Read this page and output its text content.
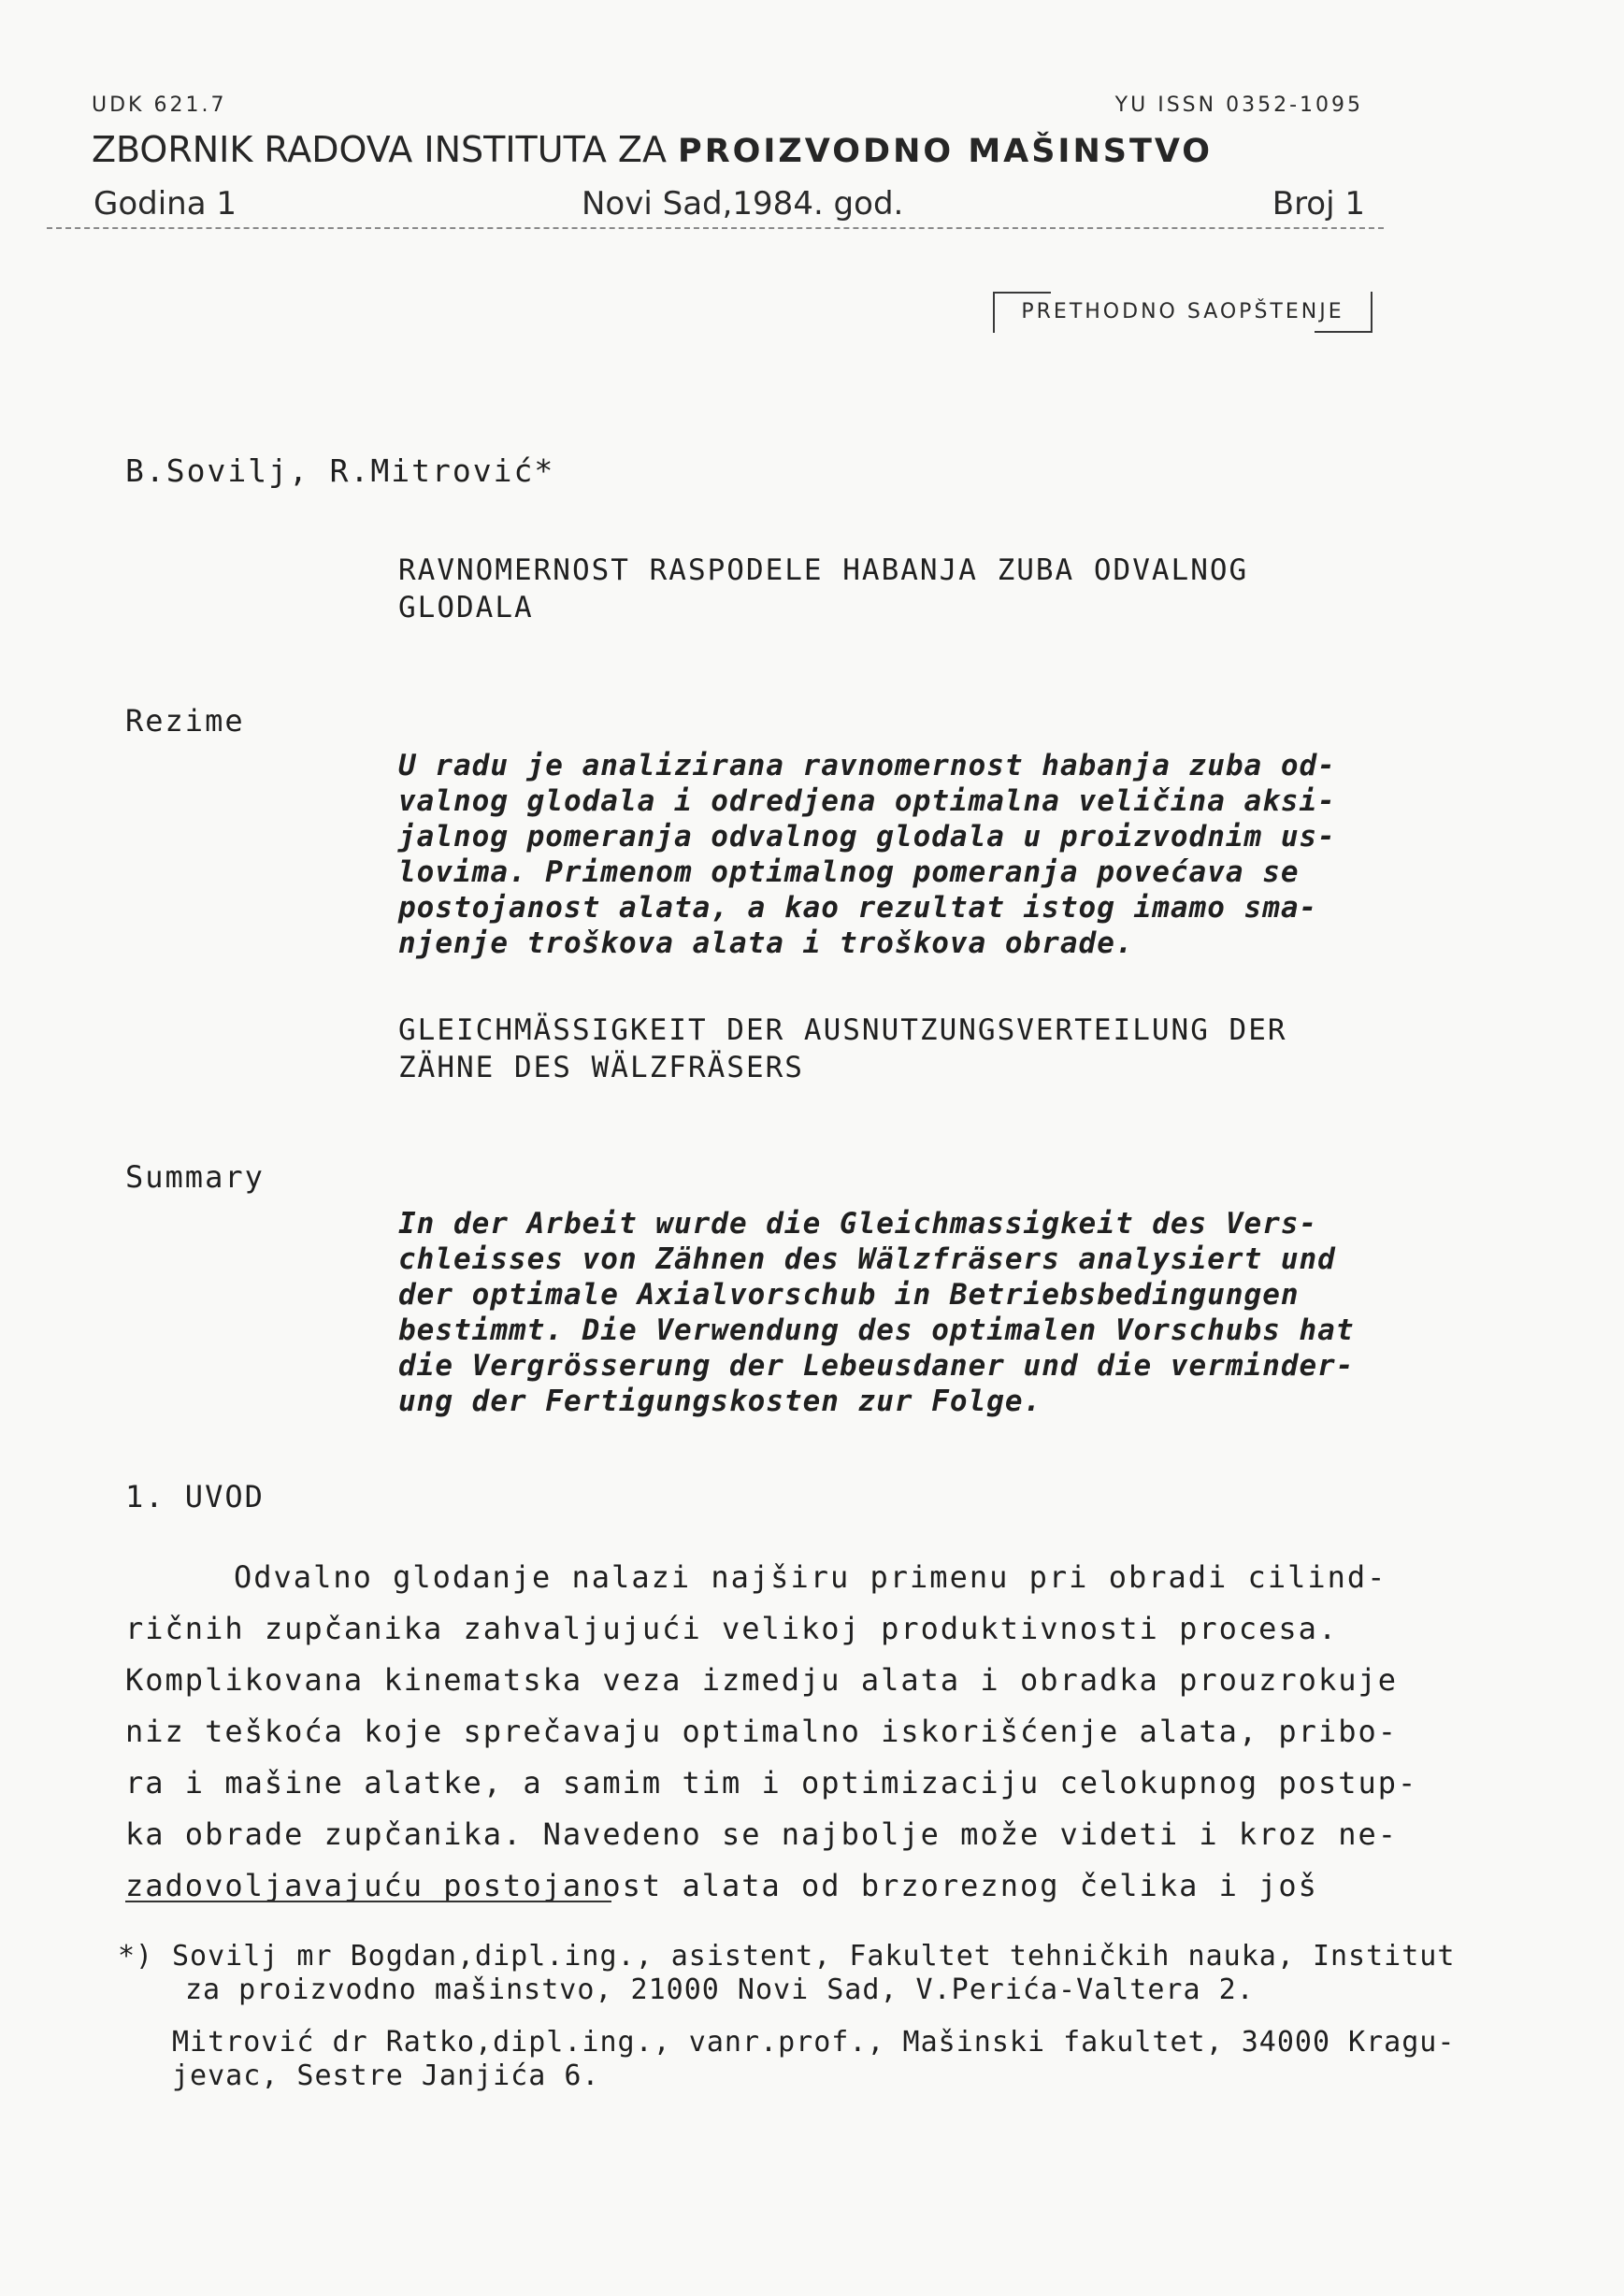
UDK 621.7	YU ISSN 0352-1095
ZBORNIK RADOVA INSTITUTA ZA PROIZVODNO MAŠINSTVO
Godina 1	Novi Sad,1984. god.	Broj 1
PRETHODNO SAOPŠTENJE
B.Sovilj, R.Mitrović*
RAVNOMERNOST RASPODELE HABANJA ZUBA ODVALNOG
GLODALA
Rezime
U radu je analizirana ravnomernost habanja zuba od-
valnog glodala i odredjena optimalna veličina aksi-
jalnog pomeranja odvalnog glodala u proizvodnim us-
lovima. Primenom optimalnog pomeranja povećava se
postojanost alata, a kao rezultat istog imamo sma-
njenje troškova alata i troškova obrade.
GLEICHMÄSSIGKEIT DER AUSNUTZUNGSVERTEILUNG DER
ZÄHNE DES WÄLZFRÄSERS
Summary
In der Arbeit wurde die Gleichmassigkeit des Vers-
chleisses von Zähnen des Wälzfräsers analysiert und
der optimale Axialvorschub in Betriebsbedingungen
bestimmt. Die Verwendung des optimalen Vorschubs hat
die Vergrösserung der Lebeusdaner und die verminder-
ung der Fertigungskosten zur Folge.
1. UVOD
Odvalno glodanje nalazi najširu primenu pri obradi cilind-
ričnih zupčanika zahvaljujući velikoj produktivnosti procesa.
Komplikovana kinematska veza izmedju alata i obradka prouzrokuje
niz teškoća koje sprečavaju optimalno iskorišćenje alata, pribo-
ra i mašine alatke, a samim tim i optimizaciju celokupnog postup-
ka obrade zupčanika. Navedeno se najbolje može videti i kroz ne-
zadovoljavajuću postojanost alata od brzoreznog čelika i još
*) Sovilj mr Bogdan,dipl.ing., asistent, Fakultet tehničkih nauka, Institut
za proizvodno mašinstvo, 21000 Novi Sad, V.Perića-Valtera 2.
Mitrović dr Ratko,dipl.ing., vanr.prof., Mašinski fakultet, 34000 Kragu-
jevac, Sestre Janjića 6.
